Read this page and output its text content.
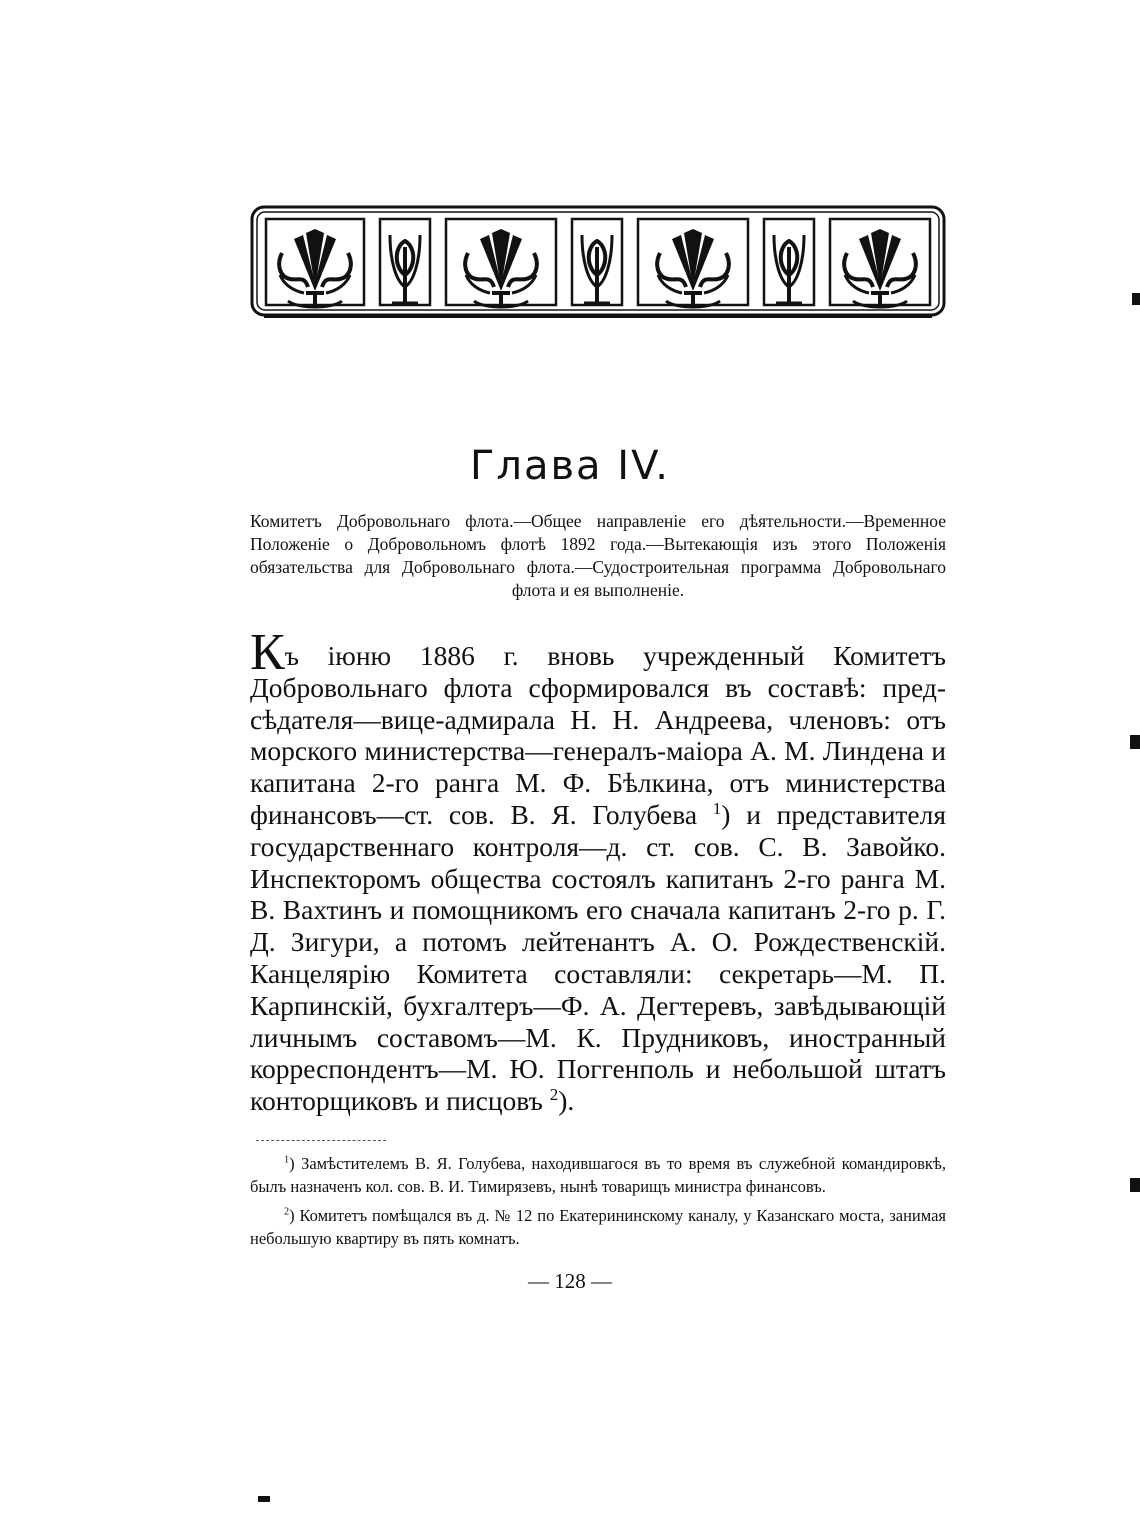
Глава IV.
Комитетъ Добровольнаго флота.—Общее направленіе его дѣятельности.—Временное Положеніе о Добровольномъ флотѣ 1892 года.—Вытекающія изъ этого Положенія обязательства для Добровольнаго флота.—Судостроительная программа Добровольнаго флота и ея выполненіе.
Къ іюню 1886 г. вновь учрежденный Комитетъ Добровольнаго флота сформировался въ составѣ: предсѣдателя—вице-адмирала Н. Н. Андреева, членовъ: отъ морского министерства—генералъ-маіора А. М. Линдена и капитана 2-го ранга М. Ф. Бѣлкина, отъ министерства финансовъ—ст. сов. В. Я. Голубева $^1$) и представителя государственнаго контроля—д. ст. сов. С. В. Завойко. Инспекторомъ общества состоялъ капитанъ 2-го ранга М. В. Вахтинъ и помощникомъ его сначала капитанъ 2-го р. Г. Д. Зигури, а потомъ лейтенантъ А. О. Рождественскій. Канцелярію Комитета составляли: секретарь—М. П. Карпинскій, бухгалтеръ—Ф. А. Дегтеревъ, завѣдывающій личнымъ составомъ—М. К. Прудниковъ, иностранный корреспондентъ—М. Ю. Поггенполь и небольшой штатъ конторщиковъ и писцовъ $^2$).

$^1$) Замѣстителемъ В. Я. Голубева, находившагося въ то время въ служебной командировкѣ, былъ назначенъ кол. сов. В. И. Тимирязевъ, нынѣ товарищъ министра финансовъ.

$^2$) Комитетъ помѣщался въ д. № 12 по Екатерининскому каналу, у Казанскаго моста, занимая небольшую квартиру въ пять комнатъ.

— 128 —
